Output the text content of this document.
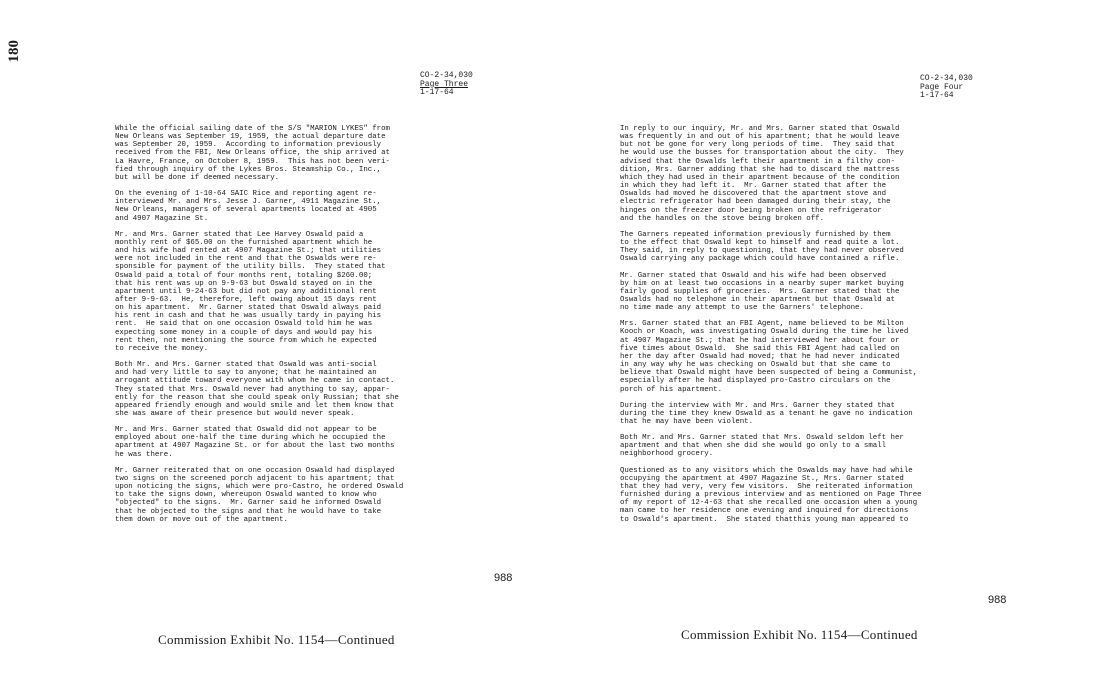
180
CO-2-34,030
Page Three
1-17-64

While the official sailing date of the S/S "MARION LYKES" from
New Orleans was September 19, 1959, the actual departure date
was September 20, 1959.  According to information previously
received from the FBI, New Orleans office, the ship arrived at
La Havre, France, on October 8, 1959.  This has not been veri-
fied through inquiry of the Lykes Bros. Steamship Co., Inc.,
but will be done if deemed necessary.

On the evening of 1-10-64 SAIC Rice and reporting agent re-
interviewed Mr. and Mrs. Jesse J. Garner, 4911 Magazine St.,
New Orleans, managers of several apartments located at 4905
and 4907 Magazine St.

Mr. and Mrs. Garner stated that Lee Harvey Oswald paid a
monthly rent of $65.00 on the furnished apartment which he
and his wife had rented at 4907 Magazine St.; that utilities
were not included in the rent and that the Oswalds were re-
sponsible for payment of the utility bills.  They stated that
Oswald paid a total of four months rent, totaling $260.00;
that his rent was up on 9-9-63 but Oswald stayed on in the
apartment until 9-24-63 but did not pay any additional rent
after 9-9-63.  He, therefore, left owing about 15 days rent
on his apartment.  Mr. Garner stated that Oswald always paid
his rent in cash and that he was usually tardy in paying his
rent.  He said that on one occasion Oswald told him he was
expecting some money in a couple of days and would pay his
rent then, not mentioning the source from which he expected
to receive the money.

Both Mr. and Mrs. Garner stated that Oswald was anti-social
and had very little to say to anyone; that he maintained an
arrogant attitude toward everyone with whom he came in contact.
They stated that Mrs. Oswald never had anything to say, appar-
ently for the reason that she could speak only Russian; that she
appeared friendly enough and would smile and let them know that
she was aware of their presence but would never speak.

Mr. and Mrs. Garner stated that Oswald did not appear to be
employed about one-half the time during which he occupied the
apartment at 4907 Magazine St. or for about the last two months
he was there.

Mr. Garner reiterated that on one occasion Oswald had displayed
two signs on the screened porch adjacent to his apartment; that
upon noticing the signs, which were pro-Castro, he ordered Oswald
to take the signs down, whereupon Oswald wanted to know who
"objected" to the signs.  Mr. Garner said he informed Oswald
that he objected to the signs and that he would have to take
them down or move out of the apartment.

988
Commission Exhibit No. 1154—Continued
CO-2-34,030
Page Four
1-17-64

In reply to our inquiry, Mr. and Mrs. Garner stated that Oswald
was frequently in and out of his apartment; that he would leave
but not be gone for very long periods of time.  They said that
he would use the busses for transportation about the city.  They
advised that the Oswalds left their apartment in a filthy con-
dition, Mrs. Garner adding that she had to discard the mattress
which they had used in their apartment because of the condition
in which they had left it.  Mr. Garner stated that after the
Oswalds had moved he discovered that the apartment stove and
electric refrigerator had been damaged during their stay, the
hinges on the freezer door being broken on the refrigerator
and the handles on the stove being broken off.

The Garners repeated information previously furnished by them
to the effect that Oswald kept to himself and read quite a lot.
They said, in reply to questioning, that they had never observed
Oswald carrying any package which could have contained a rifle.

Mr. Garner stated that Oswald and his wife had been observed
by him on at least two occasions in a nearby super market buying
fairly good supplies of groceries.  Mrs. Garner stated that the
Oswalds had no telephone in their apartment but that Oswald at
no time made any attempt to use the Garners' telephone.

Mrs. Garner stated that an FBI Agent, name believed to be Milton
Kooch or Koach, was investigating Oswald during the time he lived
at 4907 Magazine St.; that he had interviewed her about four or
five times about Oswald.  She said this FBI Agent had called on
her the day after Oswald had moved; that he had never indicated
in any way why he was checking on Oswald but that she came to
believe that Oswald might have been suspected of being a Communist,
especially after he had displayed pro-Castro circulars on the
porch of his apartment.

During the interview with Mr. and Mrs. Garner they stated that
during the time they knew Oswald as a tenant he gave no indication
that he may have been violent.

Both Mr. and Mrs. Garner stated that Mrs. Oswald seldom left her
apartment and that when she did she would go only to a small
neighborhood grocery.

Questioned as to any visitors which the Oswalds may have had while
occupying the apartment at 4907 Magazine St., Mrs. Garner stated
that they had very, very few visitors.  She reiterated information
furnished during a previous interview and as mentioned on Page Three
of my report of 12-4-63 that she recalled one occasion when a young
man came to her residence one evening and inquired for directions
to Oswald's apartment.  She stated thatthis young man appeared to

988
Commission Exhibit No. 1154—Continued
